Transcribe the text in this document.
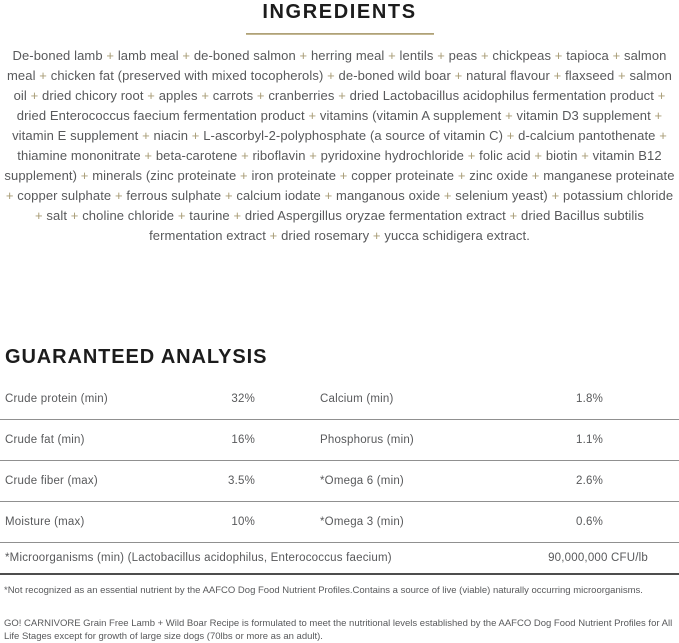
INGREDIENTS

De-boned lamb + lamb meal + de-boned salmon + herring meal + lentils + peas + chickpeas + tapioca + salmon meal + chicken fat (preserved with mixed tocopherols) + de-boned wild boar + natural flavour + flaxseed + salmon oil + dried chicory root + apples + carrots + cranberries + dried Lactobacillus acidophilus fermentation product + dried Enterococcus faecium fermentation product + vitamins (vitamin A supplement + vitamin D3 supplement + vitamin E supplement + niacin + L-ascorbyl-2-polyphosphate (a source of vitamin C) + d-calcium pantothenate + thiamine mononitrate + beta-carotene + riboflavin + pyridoxine hydrochloride + folic acid + biotin + vitamin B12 supplement) + minerals (zinc proteinate + iron proteinate + copper proteinate + zinc oxide + manganese proteinate + copper sulphate + ferrous sulphate + calcium iodate + manganous oxide + selenium yeast) + potassium chloride + salt + choline chloride + taurine + dried Aspergillus oryzae fermentation extract + dried Bacillus subtilis fermentation extract + dried rosemary + yucca schidigera extract.

GUARANTEED ANALYSIS
Crude protein (min)	32%	Calcium (min)	1.8%
Crude fat (min)	16%	Phosphorus (min)	1.1%
Crude fiber (max)	3.5%	*Omega 6 (min)	2.6%
Moisture (max)	10%	*Omega 3 (min)	0.6%
*Microorganisms (min) (Lactobacillus acidophilus, Enterococcus faecium)	90,000,000 CFU/lb

*Not recognized as an essential nutrient by the AAFCO Dog Food Nutrient Profiles.Contains a source of live (viable) naturally occurring microorganisms.

GO! CARNIVORE Grain Free Lamb + Wild Boar Recipe is formulated to meet the nutritional levels established by the AAFCO Dog Food Nutrient Profiles for All Life Stages except for growth of large size dogs (70lbs or more as an adult).
